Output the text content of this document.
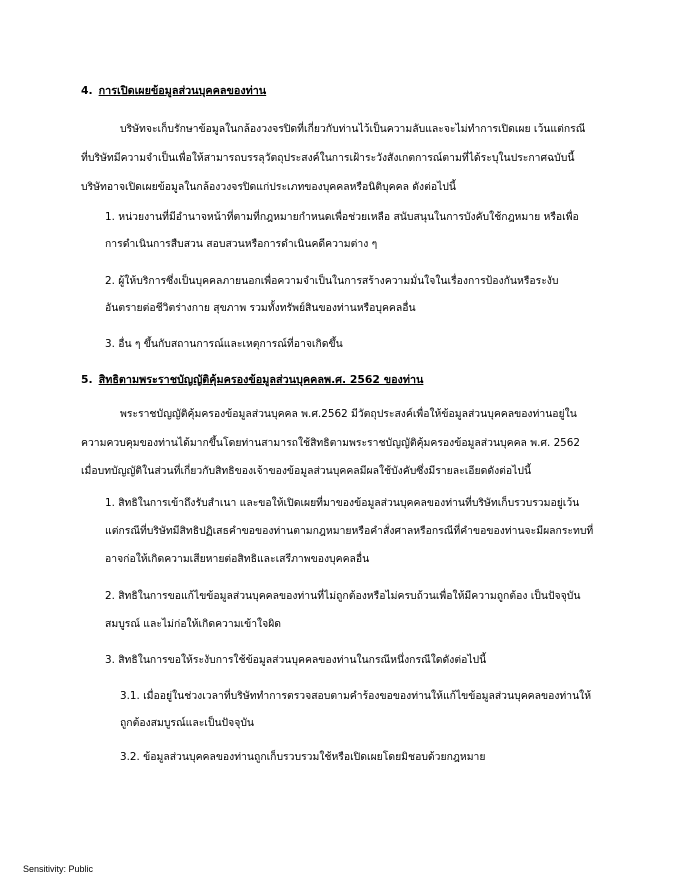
4. การเปิดเผยข้อมูลส่วนบุคคลของท่าน
บริษัทจะเก็บรักษาข้อมูลในกล้องวงจรปิดที่เกี่ยวกับท่านไว้เป็นความลับและจะไม่ทำการเปิดเผย เว้นแต่กรณี
ที่บริษัทมีความจำเป็นเพื่อให้สามารถบรรลุวัตถุประสงค์ในการเฝ้าระวังสังเกตการณ์ตามที่ได้ระบุในประกาศฉบับนี้
บริษัทอาจเปิดเผยข้อมูลในกล้องวงจรปิดแก่ประเภทของบุคคลหรือนิติบุคคล ดังต่อไปนี้
1. หน่วยงานที่มีอำนาจหน้าที่ตามที่กฎหมายกำหนดเพื่อช่วยเหลือ สนับสนุนในการบังคับใช้กฎหมาย หรือเพื่อ
การดำเนินการสืบสวน สอบสวนหรือการดำเนินคดีความต่าง ๆ
2. ผู้ให้บริการซึ่งเป็นบุคคลภายนอกเพื่อความจำเป็นในการสร้างความมั่นใจในเรื่องการป้องกันหรือระงับ
อันตรายต่อชีวิตร่างกาย สุขภาพ รวมทั้งทรัพย์สินของท่านหรือบุคคลอื่น
3. อื่น ๆ ขึ้นกับสถานการณ์และเหตุการณ์ที่อาจเกิดขึ้น
5. สิทธิตามพระราชบัญญัติคุ้มครองข้อมูลส่วนบุคคลพ.ศ. 2562 ของท่าน
พระราชบัญญัติคุ้มครองข้อมูลส่วนบุคคล พ.ศ.2562 มีวัตถุประสงค์เพื่อให้ข้อมูลส่วนบุคคลของท่านอยู่ใน
ความควบคุมของท่านได้มากขึ้นโดยท่านสามารถใช้สิทธิตามพระราชบัญญัติคุ้มครองข้อมูลส่วนบุคคล พ.ศ. 2562
เมื่อบทบัญญัติในส่วนที่เกี่ยวกับสิทธิของเจ้าของข้อมูลส่วนบุคคลมีผลใช้บังคับซึ่งมีรายละเอียดดังต่อไปนี้
1. สิทธิในการเข้าถึงรับสำเนา และขอให้เปิดเผยที่มาของข้อมูลส่วนบุคคลของท่านที่บริษัทเก็บรวบรวมอยู่เว้น
แต่กรณีที่บริษัทมีสิทธิปฏิเสธคำขอของท่านตามกฎหมายหรือคำสั่งศาลหรือกรณีที่คำขอของท่านจะมีผลกระทบที่
อาจก่อให้เกิดความเสียหายต่อสิทธิและเสรีภาพของบุคคลอื่น
2. สิทธิในการขอแก้ไขข้อมูลส่วนบุคคลของท่านที่ไม่ถูกต้องหรือไม่ครบถ้วนเพื่อให้มีความถูกต้อง เป็นปัจจุบัน
สมบูรณ์ และไม่ก่อให้เกิดความเข้าใจผิด
3. สิทธิในการขอให้ระงับการใช้ข้อมูลส่วนบุคคลของท่านในกรณีหนึ่งกรณีใดดังต่อไปนี้
3.1. เมื่ออยู่ในช่วงเวลาที่บริษัททำการตรวจสอบตามคำร้องขอของท่านให้แก้ไขข้อมูลส่วนบุคคลของท่านให้
ถูกต้องสมบูรณ์และเป็นปัจจุบัน
3.2. ข้อมูลส่วนบุคคลของท่านถูกเก็บรวบรวมใช้หรือเปิดเผยโดยมิชอบด้วยกฎหมาย
Sensitivity: Public
